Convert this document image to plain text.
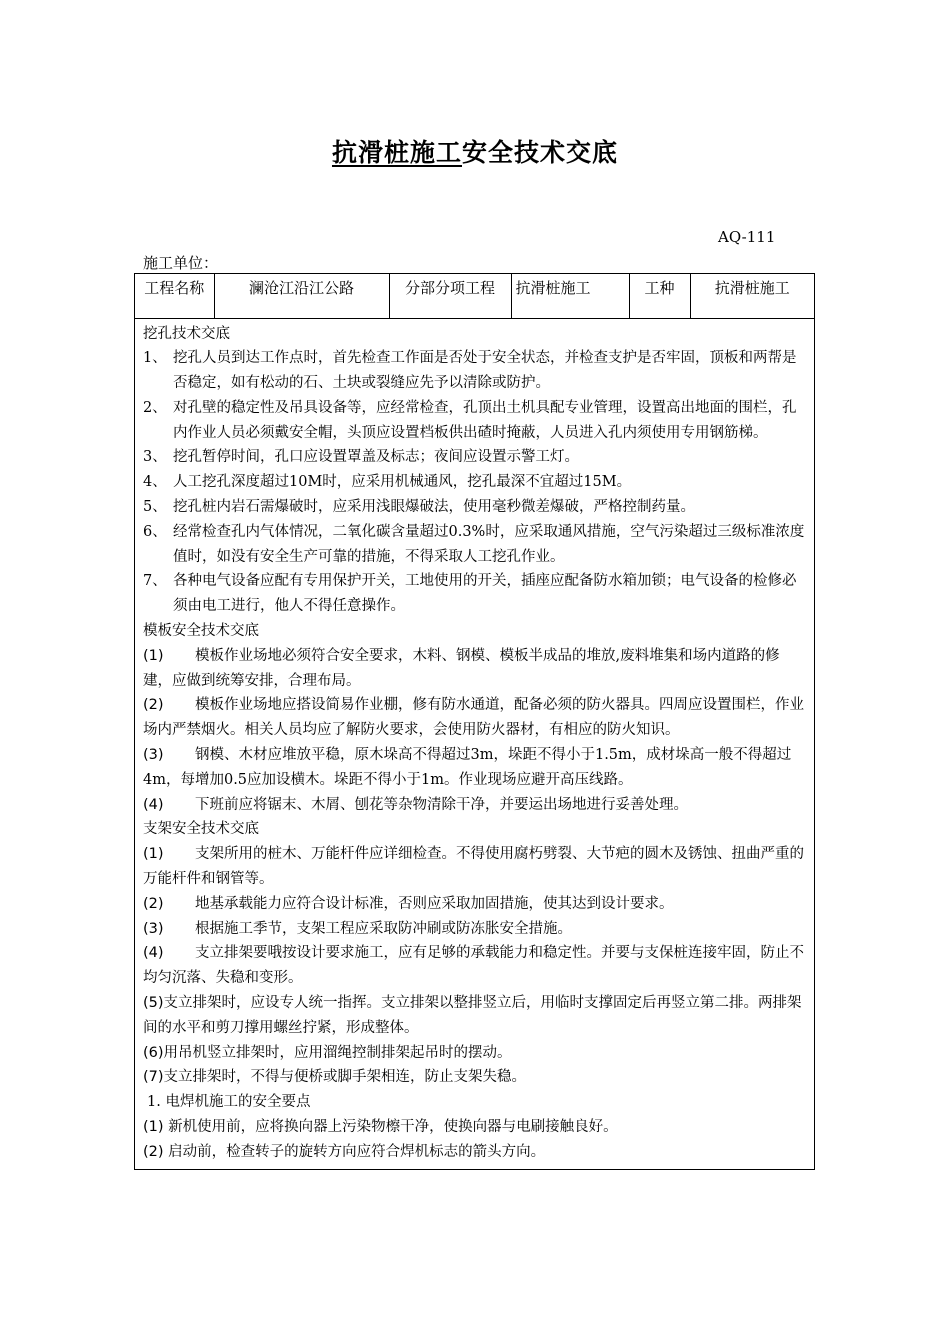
抗滑桩施工安全技术交底
AQ-111
施工单位：
工程名称	澜沧江沿江公路	分部分项工程	抗滑桩施工	工种	抗滑桩施工
挖孔技术交底
1、 挖孔人员到达工作点时，首先检查工作面是否处于安全状态，并检查支护是否牢固，顶板和两帮是否稳定，如有松动的石、土块或裂缝应先予以清除或防护。
2、 对孔壁的稳定性及吊具设备等，应经常检查，孔顶出土机具配专业管理，设置高出地面的围栏，孔内作业人员必须戴安全帽，头顶应设置档板供出碴时掩蔽，人员进入孔内须使用专用钢筋梯。
3、 挖孔暂停时间，孔口应设置罩盖及标志；夜间应设置示警工灯。
4、 人工挖孔深度超过10M时，应采用机械通风，挖孔最深不宜超过15M。
5、 挖孔桩内岩石需爆破时，应采用浅眼爆破法，使用毫秒微差爆破，严格控制药量。
6、 经常检查孔内气体情况，二氧化碳含量超过0.3%时，应采取通风措施，空气污染超过三级标准浓度值时，如没有安全生产可靠的措施，不得采取人工挖孔作业。
7、 各种电气设备应配有专用保护开关，工地使用的开关，插座应配备防水箱加锁；电气设备的检修必须由电工进行，他人不得任意操作。
模板安全技术交底
(1) 模板作业场地必须符合安全要求，木料、钢模、模板半成品的堆放,废料堆集和场内道路的修建，应做到统筹安排，合理布局。
(2) 模板作业场地应搭设简易作业棚，修有防水通道，配备必须的防火器具。四周应设置围栏，作业场内严禁烟火。相关人员均应了解防火要求，会使用防火器材，有相应的防火知识。
(3) 钢模、木材应堆放平稳，原木垛高不得超过3m，垛距不得小于1.5m，成材垛高一般不得超过4m，每增加0.5应加设横木。垛距不得小于1m。作业现场应避开高压线路。
(4) 下班前应将锯末、木屑、刨花等杂物清除干净，并要运出场地进行妥善处理。
支架安全技术交底
(1) 支架所用的桩木、万能杆件应详细检查。不得使用腐朽劈裂、大节疤的圆木及锈蚀、扭曲严重的万能杆件和钢管等。
(2) 地基承载能力应符合设计标准，否则应采取加固措施，使其达到设计要求。
(3) 根据施工季节，支架工程应采取防冲刷或防冻胀安全措施。
(4) 支立排架要哦按设计要求施工，应有足够的承载能力和稳定性。并要与支保桩连接牢固，防止不均匀沉落、失稳和变形。
(5)支立排架时，应设专人统一指挥。支立排架以整排竖立后，用临时支撑固定后再竖立第二排。两排架间的水平和剪刀撑用螺丝拧紧，形成整体。
(6)用吊机竖立排架时，应用溜绳控制排架起吊时的摆动。
(7)支立排架时，不得与便桥或脚手架相连，防止支架失稳。
1. 电焊机施工的安全要点
(1) 新机使用前，应将换向器上污染物檫干净，使换向器与电刷接触良好。
(2) 启动前，检查转子的旋转方向应符合焊机标志的箭头方向。
